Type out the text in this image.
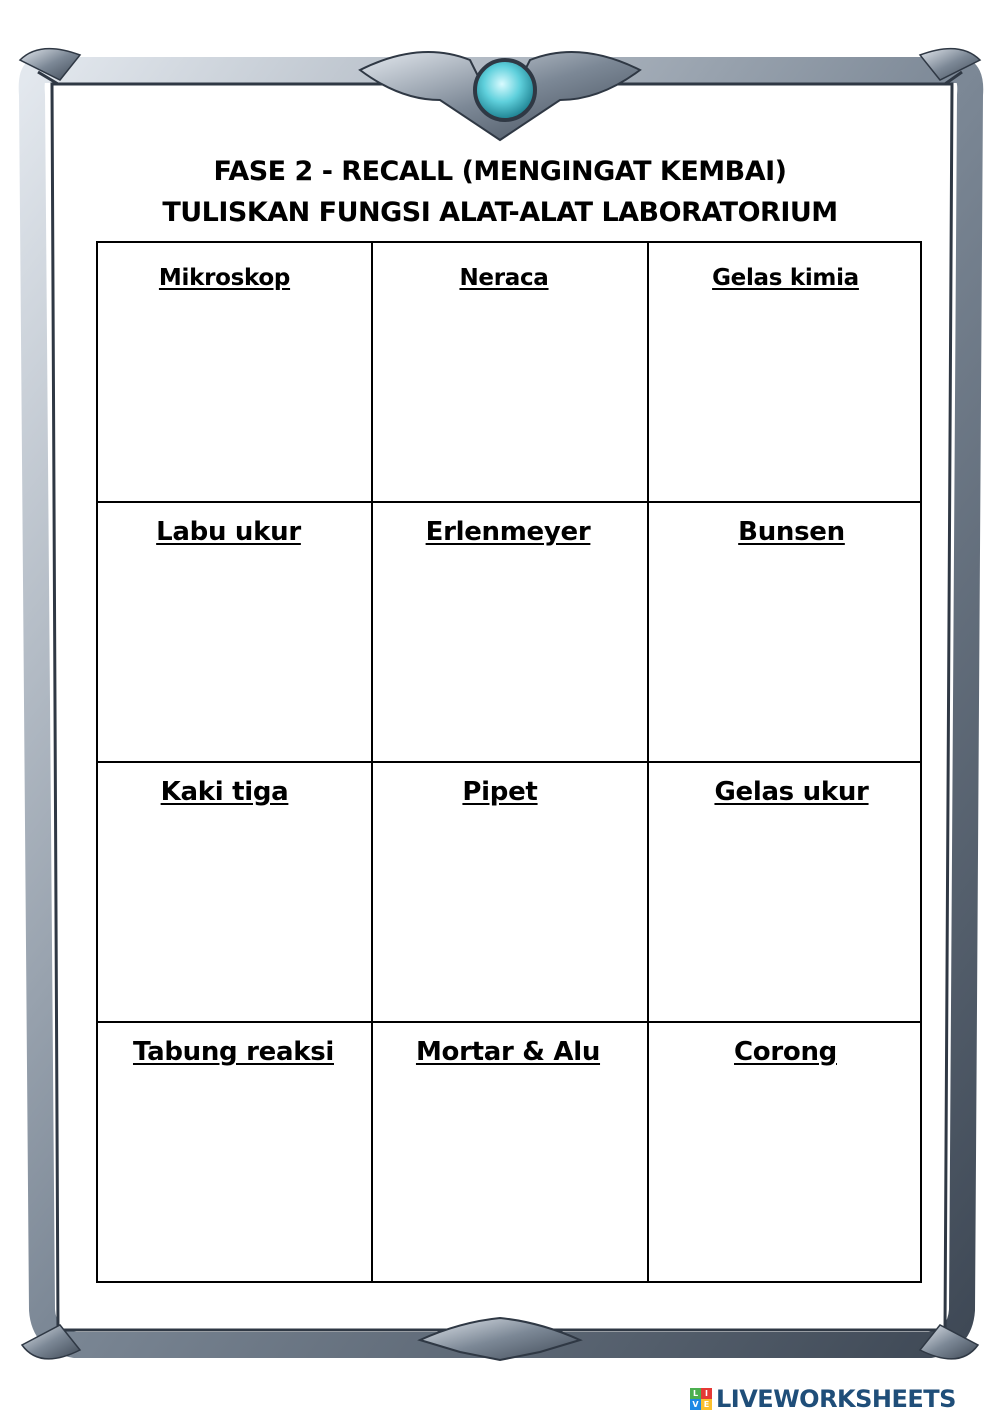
FASE 2 - RECALL (MENGINGAT KEMBAI)
TULISKAN FUNGSI ALAT-ALAT LABORATORIUM
Mikroskop	Neraca	Gelas kimia
Labu ukur	Erlenmeyer	Bunsen
Kaki tiga	Pipet	Gelas ukur
Tabung reaksi	Mortar & Alu	Corong
L I
V E LIVEWORKSHEETS
